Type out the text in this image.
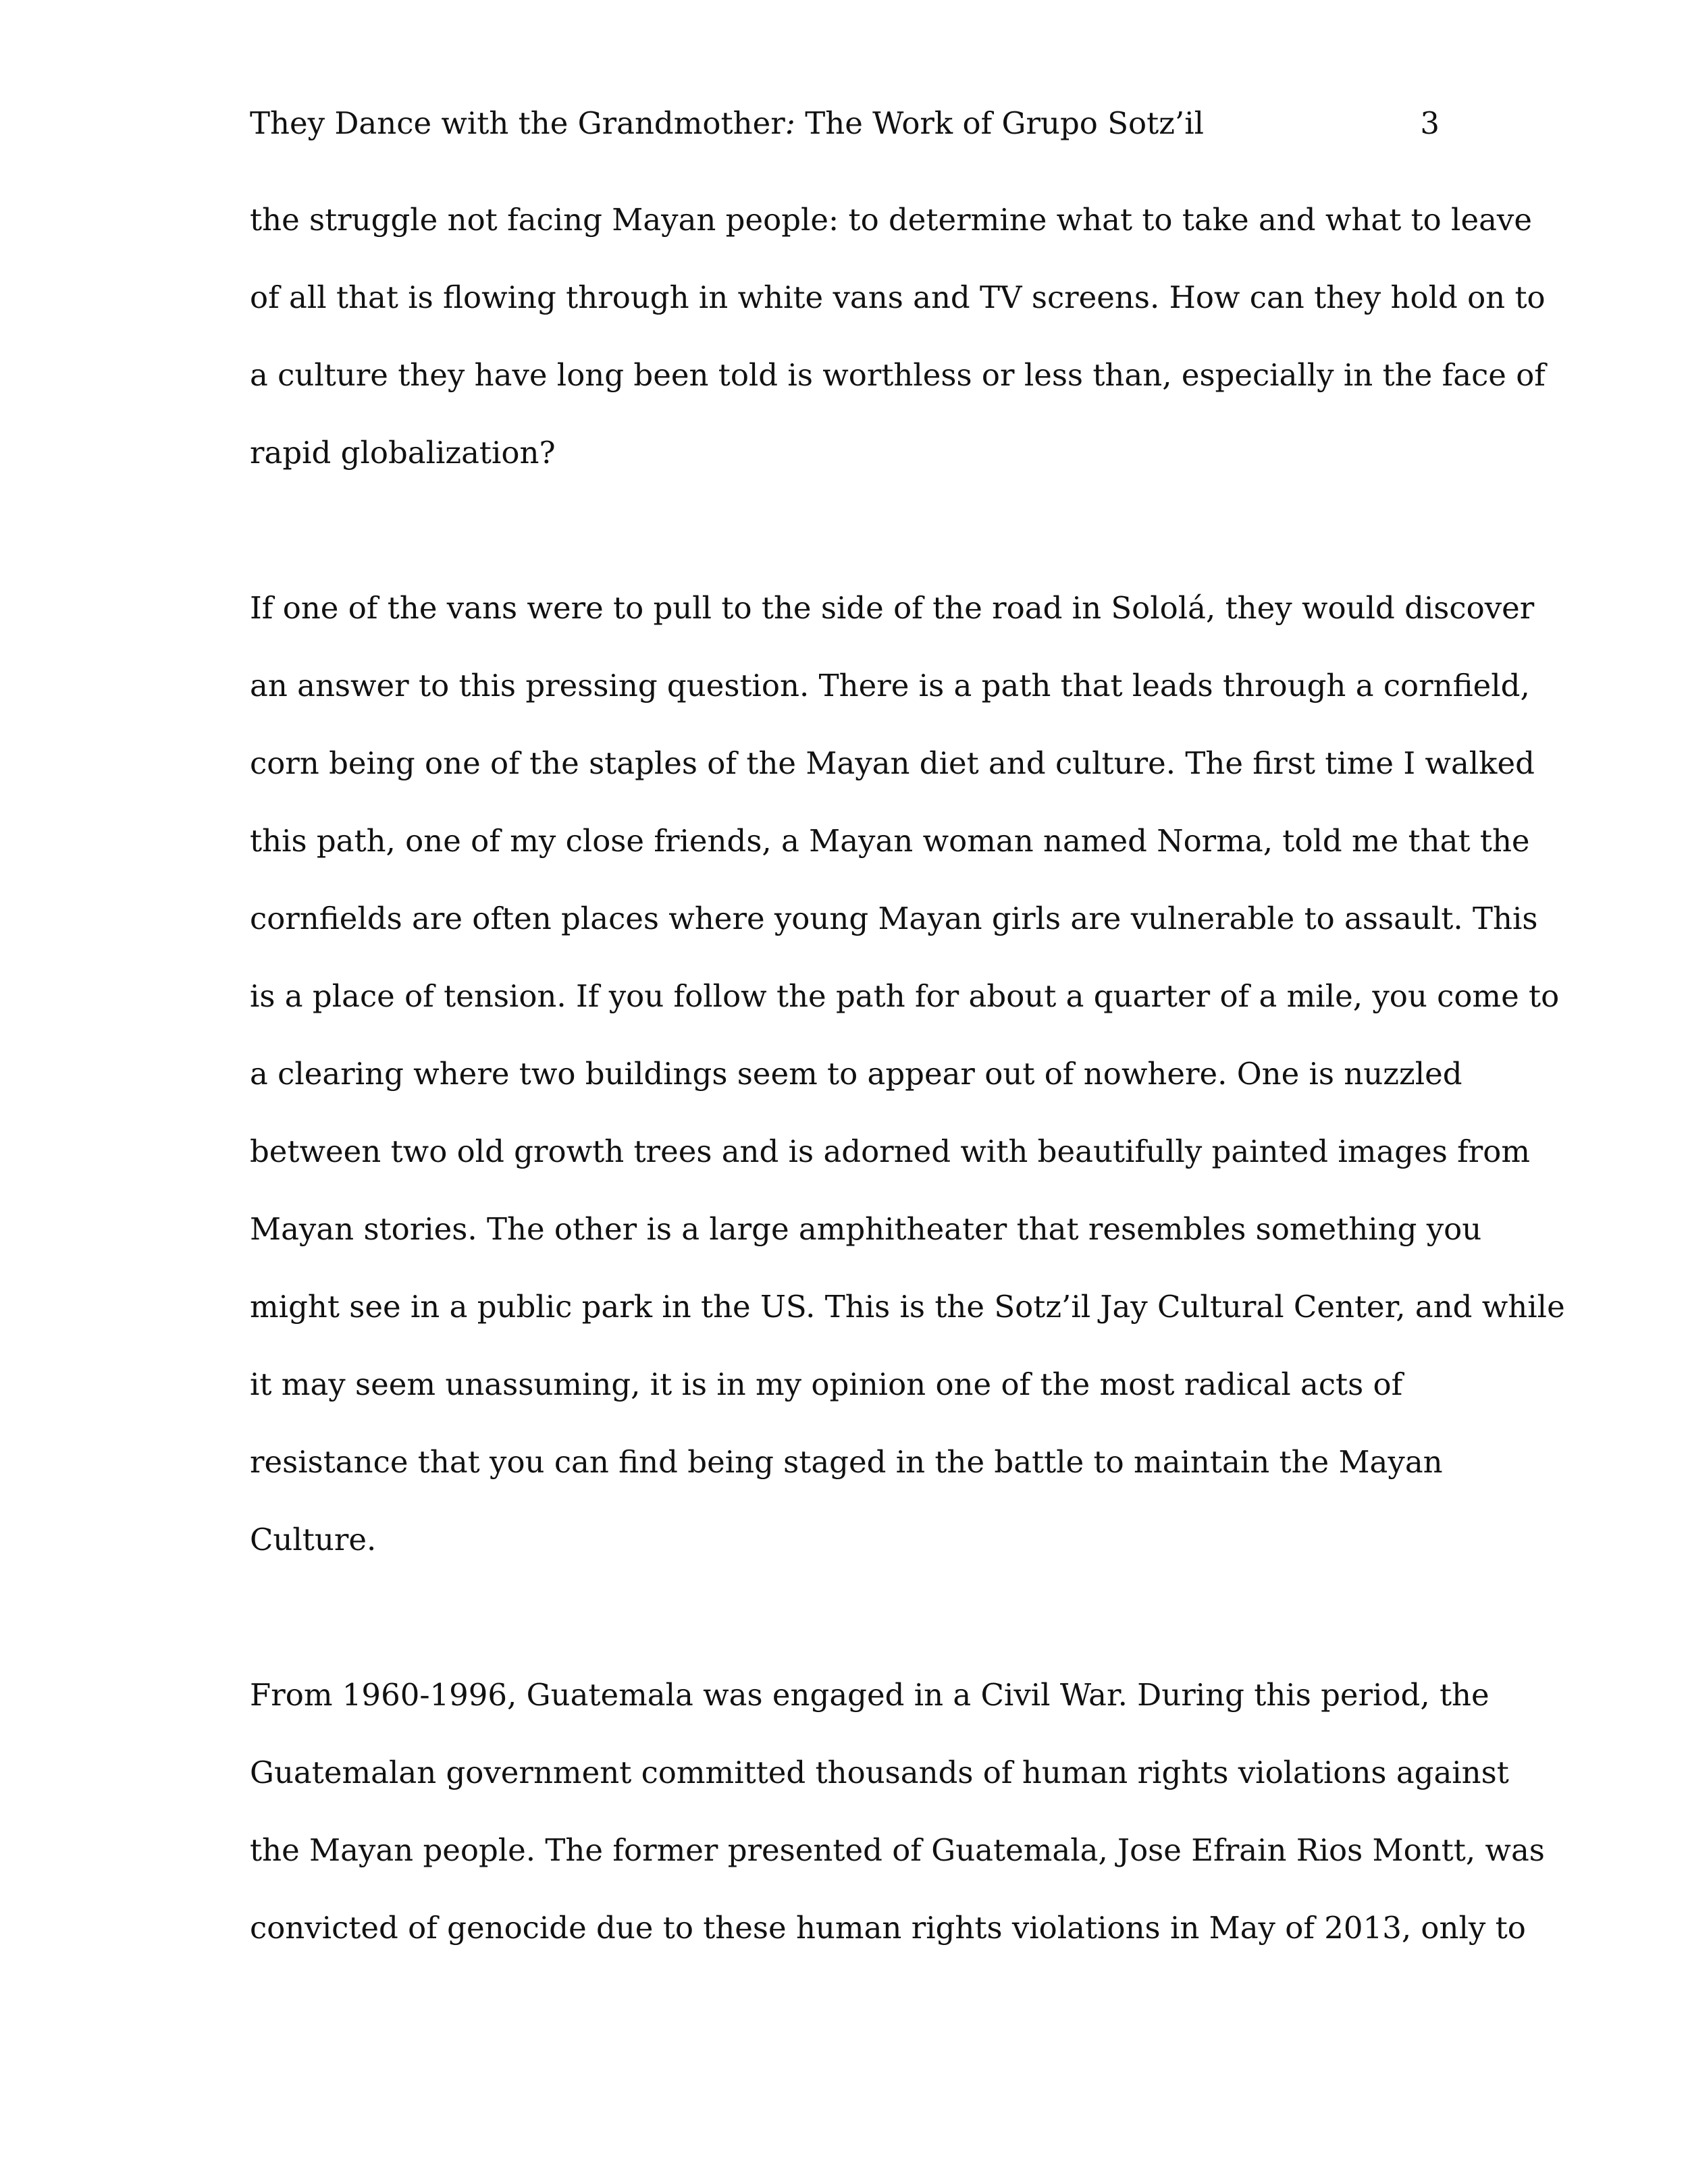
They Dance with the Grandmother: The Work of Grupo Sotz’il	3
the struggle not facing Mayan people: to determine what to take and what to leave
of all that is flowing through in white vans and TV screens. How can they hold on to
a culture they have long been told is worthless or less than, especially in the face of
rapid globalization?
If one of the vans were to pull to the side of the road in Sololá, they would discover
an answer to this pressing question. There is a path that leads through a cornfield,
corn being one of the staples of the Mayan diet and culture. The first time I walked
this path, one of my close friends, a Mayan woman named Norma, told me that the
cornfields are often places where young Mayan girls are vulnerable to assault. This
is a place of tension. If you follow the path for about a quarter of a mile, you come to
a clearing where two buildings seem to appear out of nowhere. One is nuzzled
between two old growth trees and is adorned with beautifully painted images from
Mayan stories. The other is a large amphitheater that resembles something you
might see in a public park in the US. This is the Sotz’il Jay Cultural Center, and while
it may seem unassuming, it is in my opinion one of the most radical acts of
resistance that you can find being staged in the battle to maintain the Mayan
Culture.
From 1960-1996, Guatemala was engaged in a Civil War. During this period, the
Guatemalan government committed thousands of human rights violations against
the Mayan people. The former presented of Guatemala, Jose Efrain Rios Montt, was
convicted of genocide due to these human rights violations in May of 2013, only to
